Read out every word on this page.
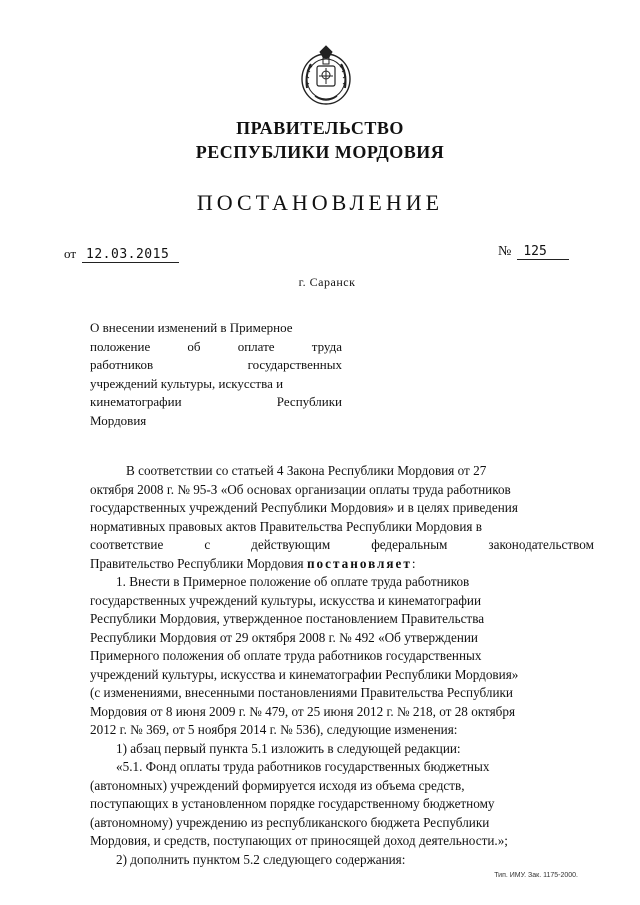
ПРАВИТЕЛЬСТВО
РЕСПУБЛИКИ МОРДОВИЯ
ПОСТАНОВЛЕНИЕ
от 12.03.2015	№ 125
г. Саранск
О внесении изменений в Примерное
положение	об	оплате	труда
работников	государственных
учреждений культуры, искусства и
кинематографии	Республики
Мордовия
В соответствии со статьей 4 Закона Республики Мордовия от 27
октября 2008 г. № 95-З «Об основах организации оплаты труда работников
государственных учреждений Республики Мордовия» и в целях приведения
нормативных правовых актов Правительства Республики Мордовия в
соответствие	с	действующим	федеральным	законодательством
Правительство Республики Мордовия постановляет:
1. Внести в Примерное положение об оплате труда работников
государственных учреждений культуры, искусства и кинематографии
Республики Мордовия, утвержденное постановлением Правительства
Республики Мордовия от 29 октября 2008 г. № 492 «Об утверждении
Примерного положения об оплате труда работников государственных
учреждений культуры, искусства и кинематографии Республики Мордовия»
(с изменениями, внесенными постановлениями Правительства Республики
Мордовия от 8 июня 2009 г. № 479, от 25 июня 2012 г. № 218, от 28 октября
2012 г. № 369, от 5 ноября 2014 г. № 536), следующие изменения:
1) абзац первый пункта 5.1 изложить в следующей редакции:
«5.1. Фонд оплаты труда работников государственных бюджетных
(автономных) учреждений формируется исходя из объема средств,
поступающих в установленном порядке государственному бюджетному
(автономному) учреждению из республиканского бюджета Республики
Мордовия, и средств, поступающих от приносящей доход деятельности.»;
2) дополнить пунктом 5.2 следующего содержания:
Тип. ИМУ. Зак. 1175-2000.
